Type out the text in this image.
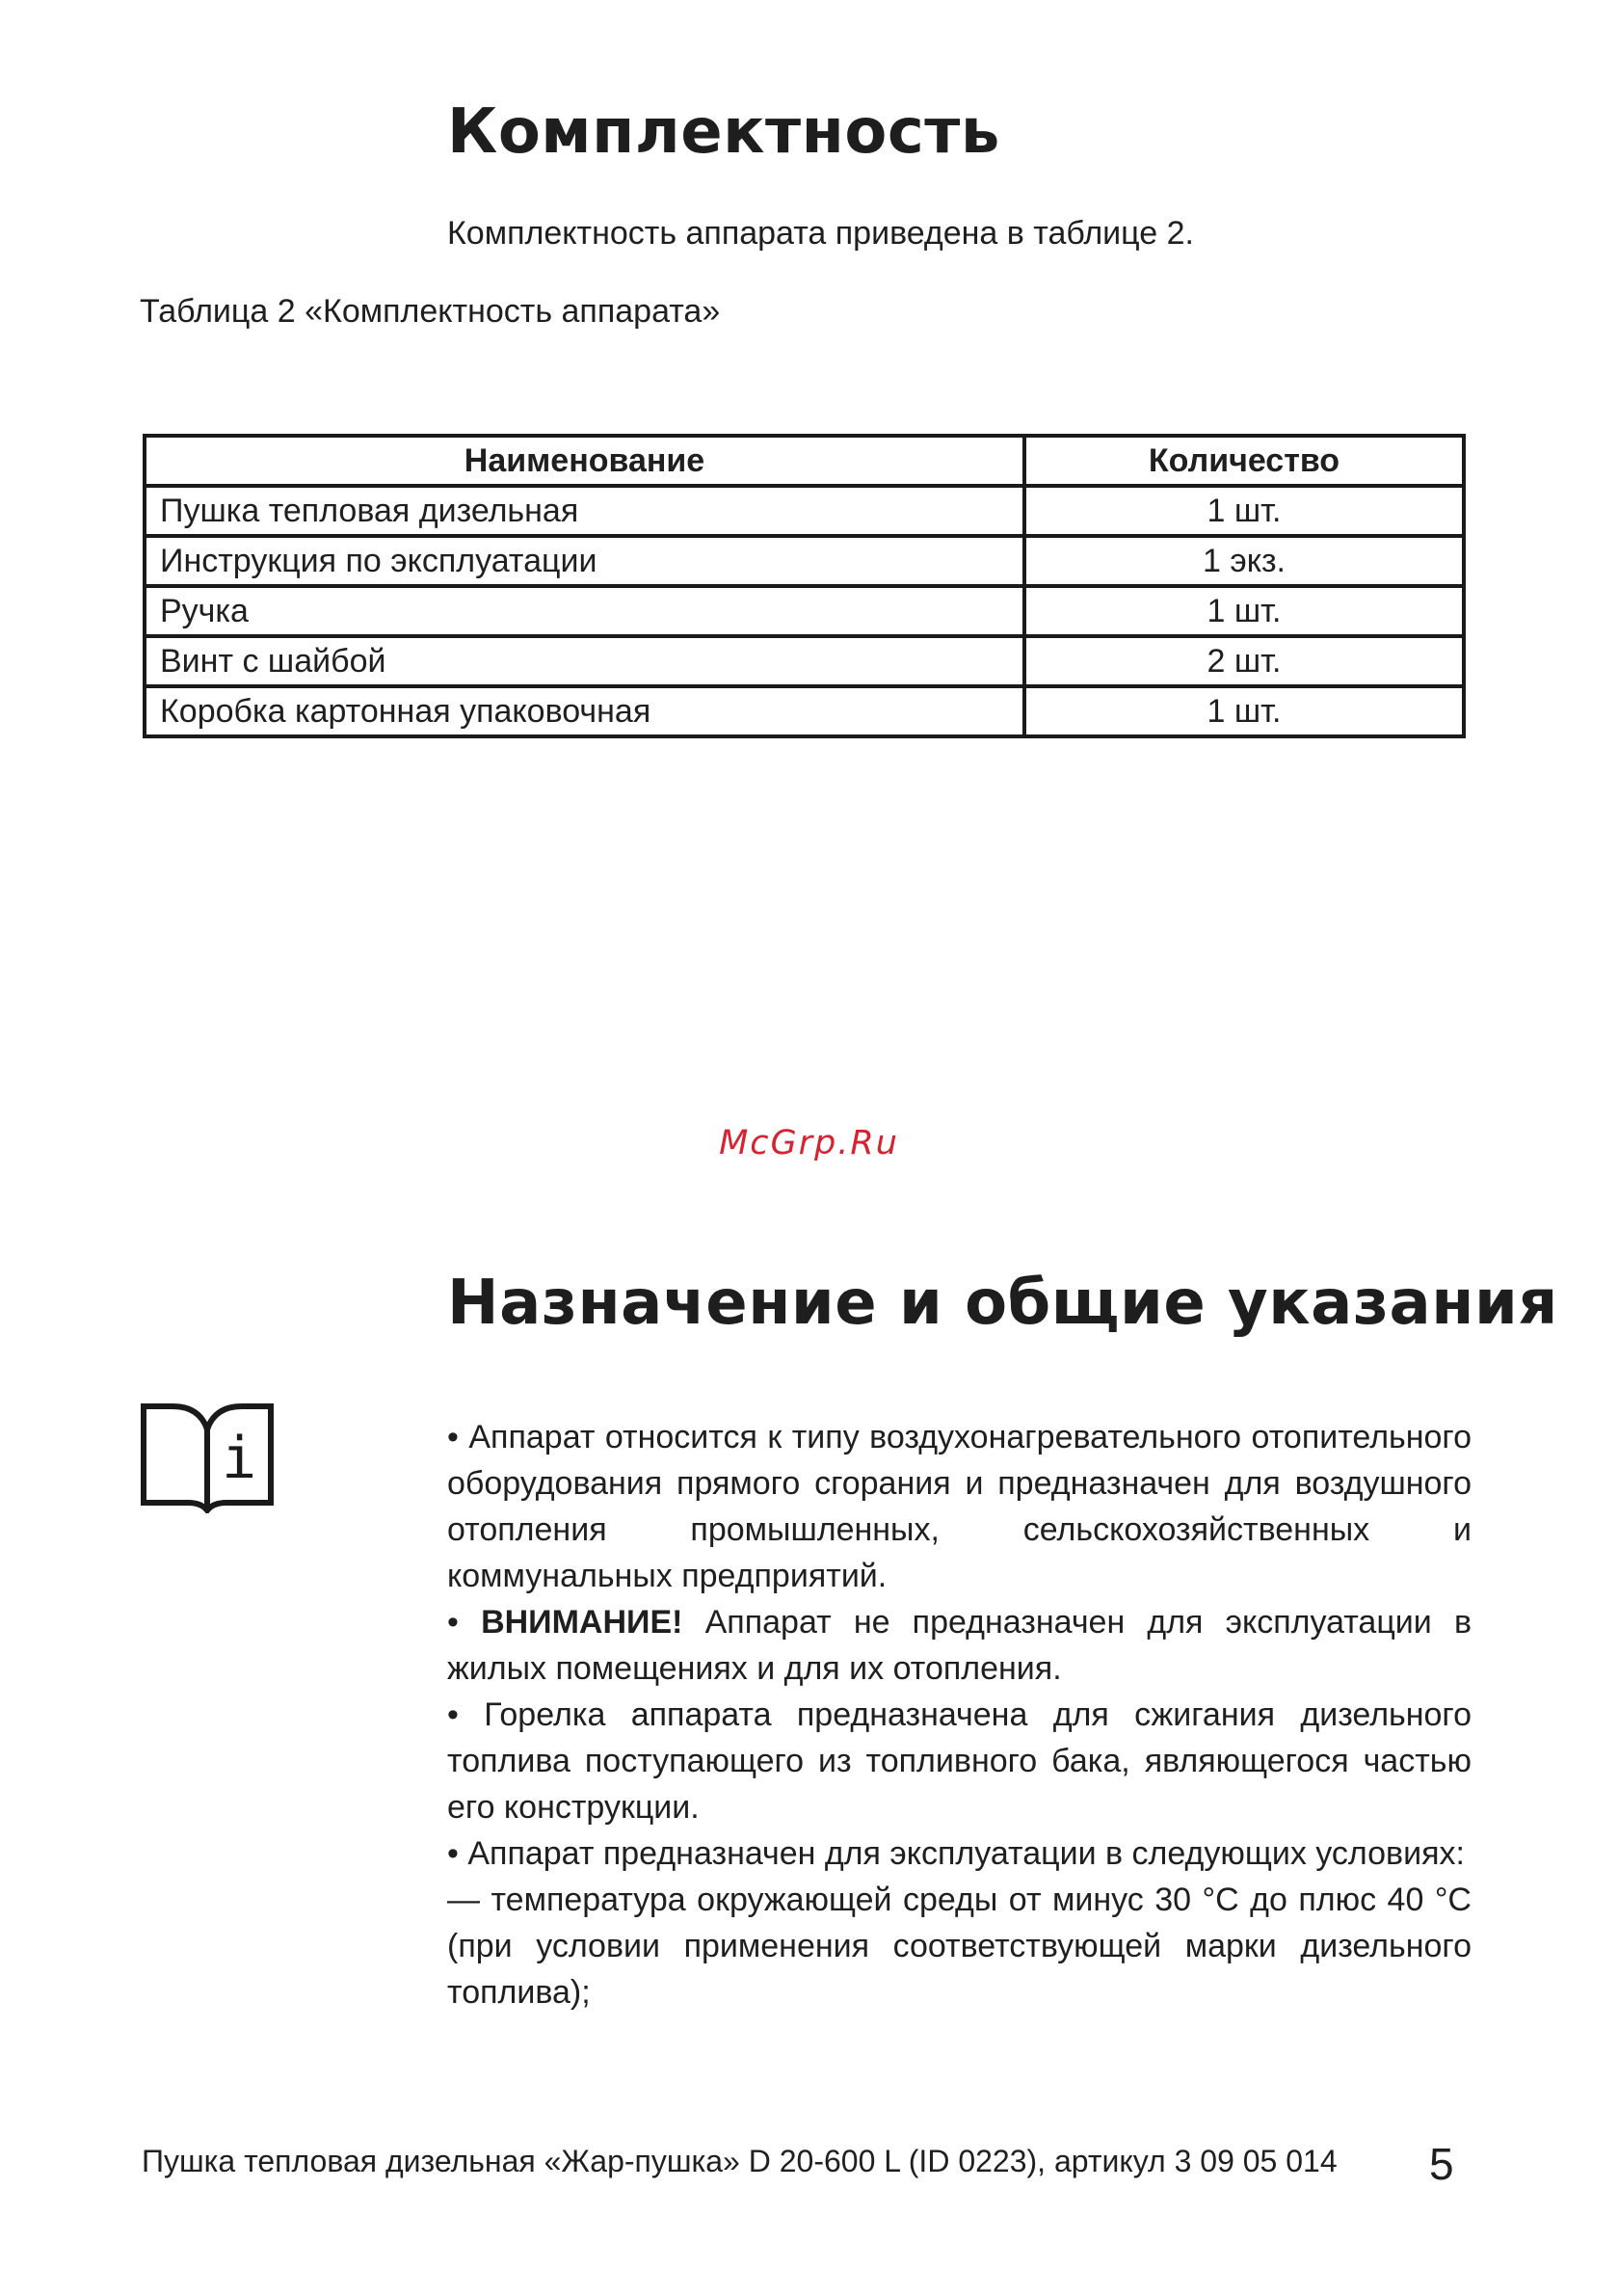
Комплектность
Комплектность аппарата приведена в таблице 2.
Таблица 2 «Комплектность аппарата»
Наименование	Количество
Пушка тепловая дизельная	1 шт.
Инструкция по эксплуатации	1 экз.
Ручка	1 шт.
Винт с шайбой	2 шт.
Коробка картонная упаковочная	1 шт.
McGrp.Ru
Назначение и общие указания
i	• Аппарат относится к типу воздухонагревательного отопительного оборудования прямого сгорания и предназначен для воздушного отопления промышленных, сельскохозяйственных и коммунальных предприятий.

• ВНИМАНИЕ! Аппарат не предназначен для эксплуатации в жилых помещениях и для их отопления.

• Горелка аппарата предназначена для сжигания дизельного топлива поступающего из топливного бака, являющегося частью его конструкции.

• Аппарат предназначен для эксплуатации в следующих условиях:

— температура окружающей среды от минус 30 °C до плюс 40 °C (при условии применения соответствующей марки дизельного топлива);

Пушка тепловая дизельная «Жар-пушка» D 20-600 L (ID 0223), артикул 3 09 05 014 5
